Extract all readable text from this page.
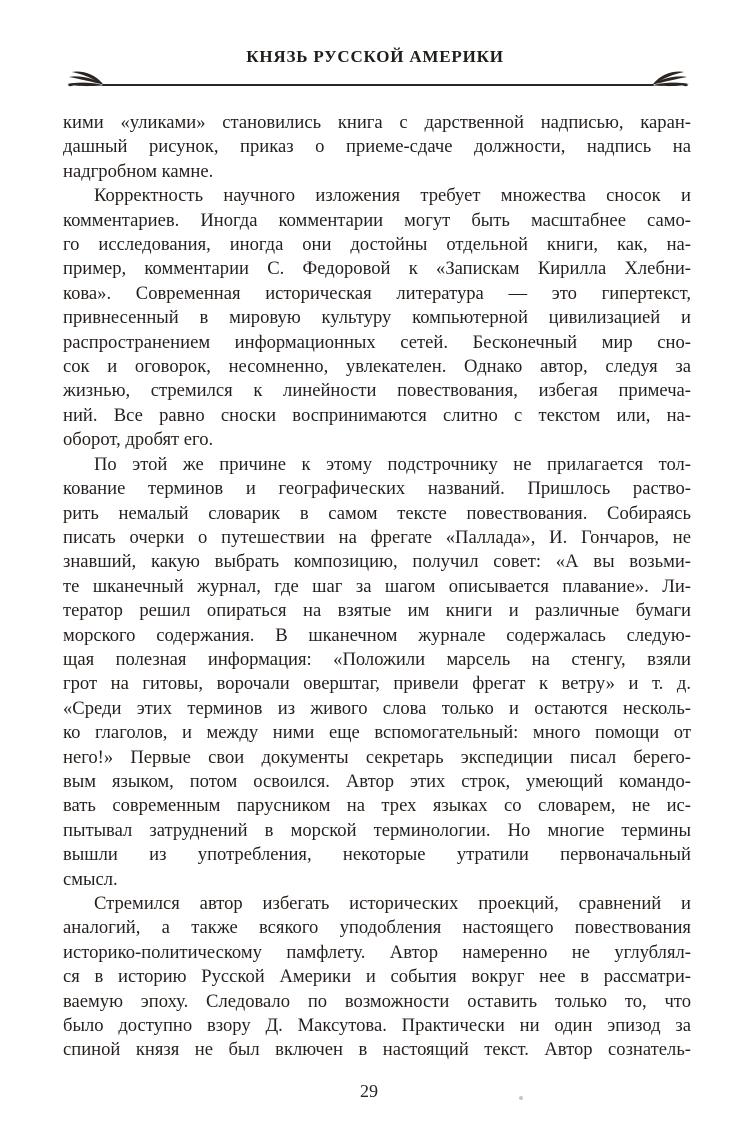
КНЯЗЬ РУССКОЙ АМЕРИКИ
кими «уликами» становились книга с дарственной надписью, каран-
дашный рисунок, приказ о приеме-сдаче должности, надпись на
надгробном камне.
Корректность научного изложения требует множества сносок и
комментариев. Иногда комментарии могут быть масштабнее само-
го исследования, иногда они достойны отдельной книги, как, на-
пример, комментарии С. Федоровой к «Запискам Кирилла Хлебни-
кова». Современная историческая литература — это гипертекст,
привнесенный в мировую культуру компьютерной цивилизацией и
распространением информационных сетей. Бесконечный мир сно-
сок и оговорок, несомненно, увлекателен. Однако автор, следуя за
жизнью, стремился к линейности повествования, избегая примеча-
ний. Все равно сноски воспринимаются слитно с текстом или, на-
оборот, дробят его.
По этой же причине к этому подстрочнику не прилагается тол-
кование терминов и географических названий. Пришлось раство-
рить немалый словарик в самом тексте повествования. Собираясь
писать очерки о путешествии на фрегате «Паллада», И. Гончаров, не
знавший, какую выбрать композицию, получил совет: «А вы возьми-
те шканечный журнал, где шаг за шагом описывается плавание». Ли-
тератор решил опираться на взятые им книги и различные бумаги
морского содержания. В шканечном журнале содержалась следую-
щая полезная информация: «Положили марсель на стенгу, взяли
грот на гитовы, ворочали оверштаг, привели фрегат к ветру» и т. д.
«Среди этих терминов из живого слова только и остаются несколь-
ко глаголов, и между ними еще вспомогательный: много помощи от
него!» Первые свои документы секретарь экспедиции писал берего-
вым языком, потом освоился. Автор этих строк, умеющий командо-
вать современным парусником на трех языках со словарем, не ис-
пытывал затруднений в морской терминологии. Но многие термины
вышли из употребления, некоторые утратили первоначальный
смысл.
Стремился автор избегать исторических проекций, сравнений и
аналогий, а также всякого уподобления настоящего повествования
историко-политическому памфлету. Автор намеренно не углублял-
ся в историю Русской Америки и события вокруг нее в рассматри-
ваемую эпоху. Следовало по возможности оставить только то, что
было доступно взору Д. Максутова. Практически ни один эпизод за
спиной князя не был включен в настоящий текст. Автор сознатель-
29
